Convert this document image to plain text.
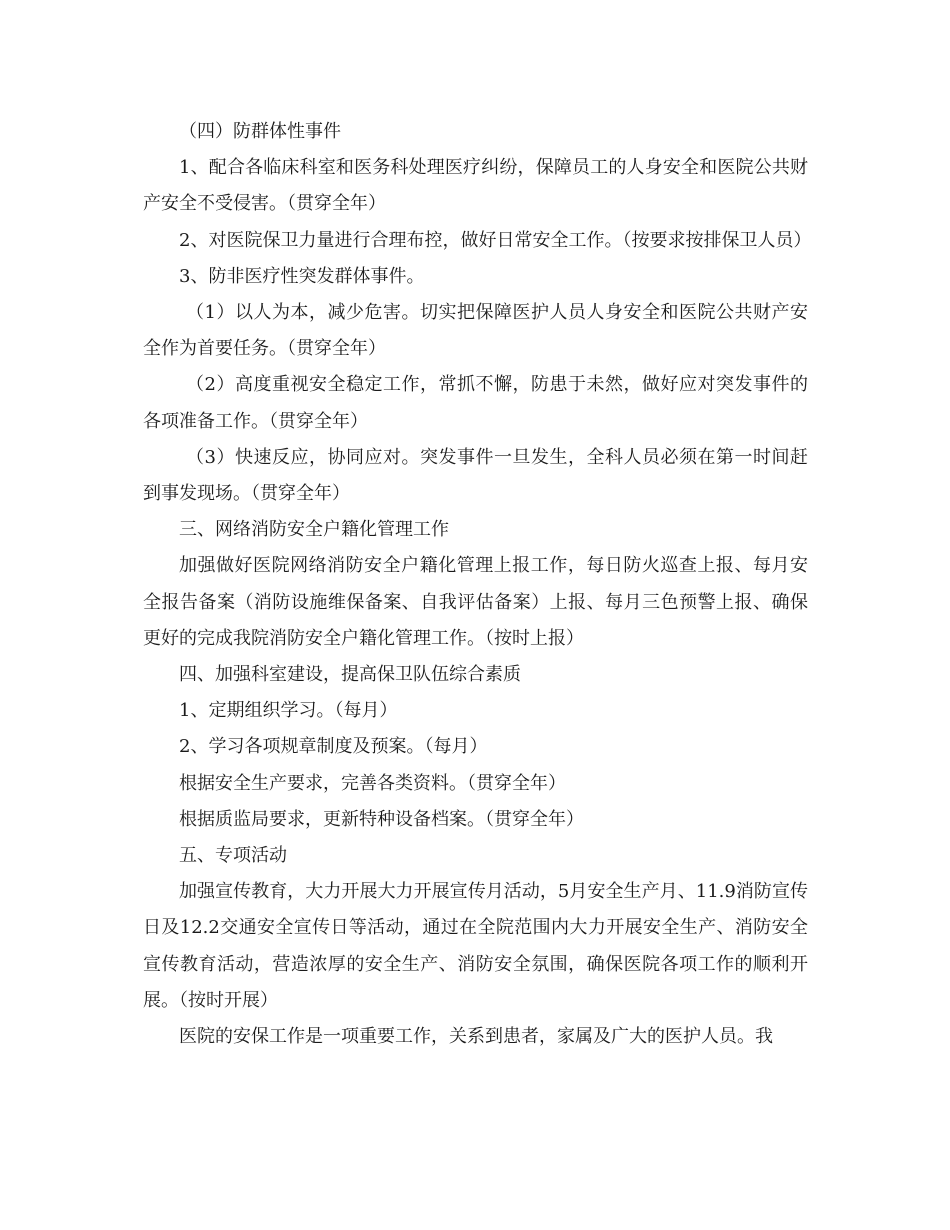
（四）防群体性事件

1、配合各临床科室和医务科处理医疗纠纷，保障员工的人身安全和医院公共财产安全不受侵害。（贯穿全年）

2、对医院保卫力量进行合理布控，做好日常安全工作。（按要求按排保卫人员）

3、防非医疗性突发群体事件。

（1）以人为本，减少危害。切实把保障医护人员人身安全和医院公共财产安全作为首要任务。（贯穿全年）

（2）高度重视安全稳定工作，常抓不懈，防患于未然，做好应对突发事件的各项准备工作。（贯穿全年）

（3）快速反应，协同应对。突发事件一旦发生，全科人员必须在第一时间赶到事发现场。（贯穿全年）

三、网络消防安全户籍化管理工作

加强做好医院网络消防安全户籍化管理上报工作，每日防火巡查上报、每月安全报告备案（消防设施维保备案、自我评估备案）上报、每月三色预警上报、确保更好的完成我院消防安全户籍化管理工作。（按时上报）

四、加强科室建设，提高保卫队伍综合素质

1、定期组织学习。（每月）

2、学习各项规章制度及预案。（每月）

根据安全生产要求，完善各类资料。（贯穿全年）

根据质监局要求，更新特种设备档案。（贯穿全年）

五、专项活动

加强宣传教育，大力开展大力开展宣传月活动，5月安全生产月、11.9消防宣传日及12.2交通安全宣传日等活动，通过在全院范围内大力开展安全生产、消防安全宣传教育活动，营造浓厚的安全生产、消防安全氛围，确保医院各项工作的顺利开展。（按时开展）

医院的安保工作是一项重要工作，关系到患者，家属及广大的医护人员。我
